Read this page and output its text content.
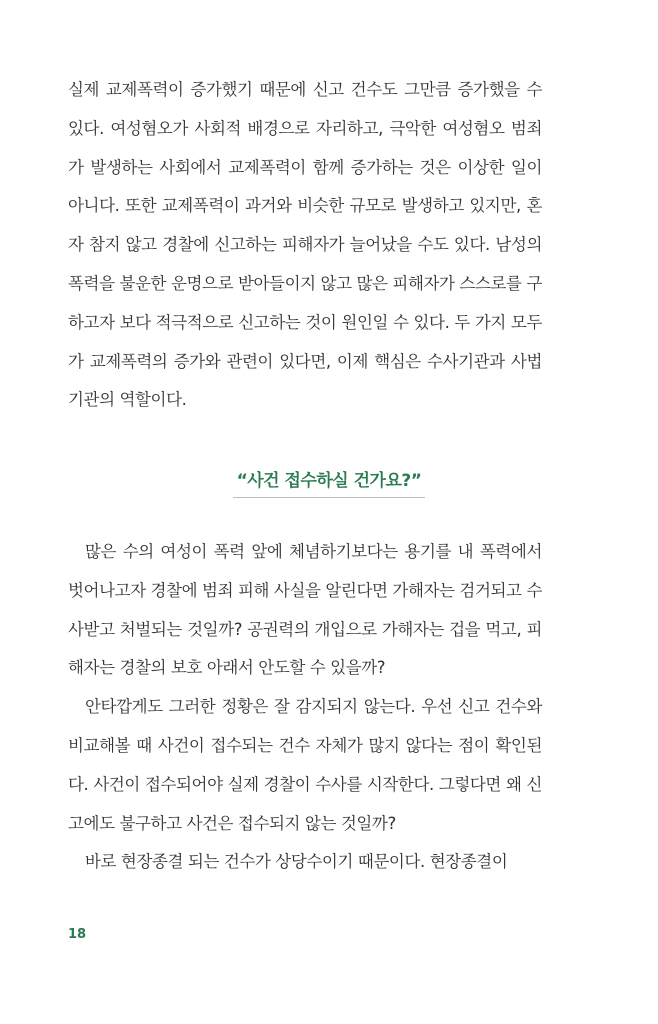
실제 교제폭력이 증가했기 때문에 신고 건수도 그만큼 증가했을 수 있다. 여성혐오가 사회적 배경으로 자리하고, 극악한 여성혐오 범죄가 발생하는 사회에서 교제폭력이 함께 증가하는 것은 이상한 일이 아니다. 또한 교제폭력이 과거와 비슷한 규모로 발생하고 있지만, 혼자 참지 않고 경찰에 신고하는 피해자가 늘어났을 수도 있다. 남성의 폭력을 불운한 운명으로 받아들이지 않고 많은 피해자가 스스로를 구하고자 보다 적극적으로 신고하는 것이 원인일 수 있다. 두 가지 모두가 교제폭력의 증가와 관련이 있다면, 이제 핵심은 수사기관과 사법기관의 역할이다.

“사건 접수하실 건가요?”

많은 수의 여성이 폭력 앞에 체념하기보다는 용기를 내 폭력에서 벗어나고자 경찰에 범죄 피해 사실을 알린다면 가해자는 검거되고 수사받고 처벌되는 것일까? 공권력의 개입으로 가해자는 겁을 먹고, 피해자는 경찰의 보호 아래서 안도할 수 있을까?

안타깝게도 그러한 정황은 잘 감지되지 않는다. 우선 신고 건수와 비교해볼 때 사건이 접수되는 건수 자체가 많지 않다는 점이 확인된다. 사건이 접수되어야 실제 경찰이 수사를 시작한다. 그렇다면 왜 신고에도 불구하고 사건은 접수되지 않는 것일까?

바로 현장종결 되는 건수가 상당수이기 때문이다. 현장종결이

18
